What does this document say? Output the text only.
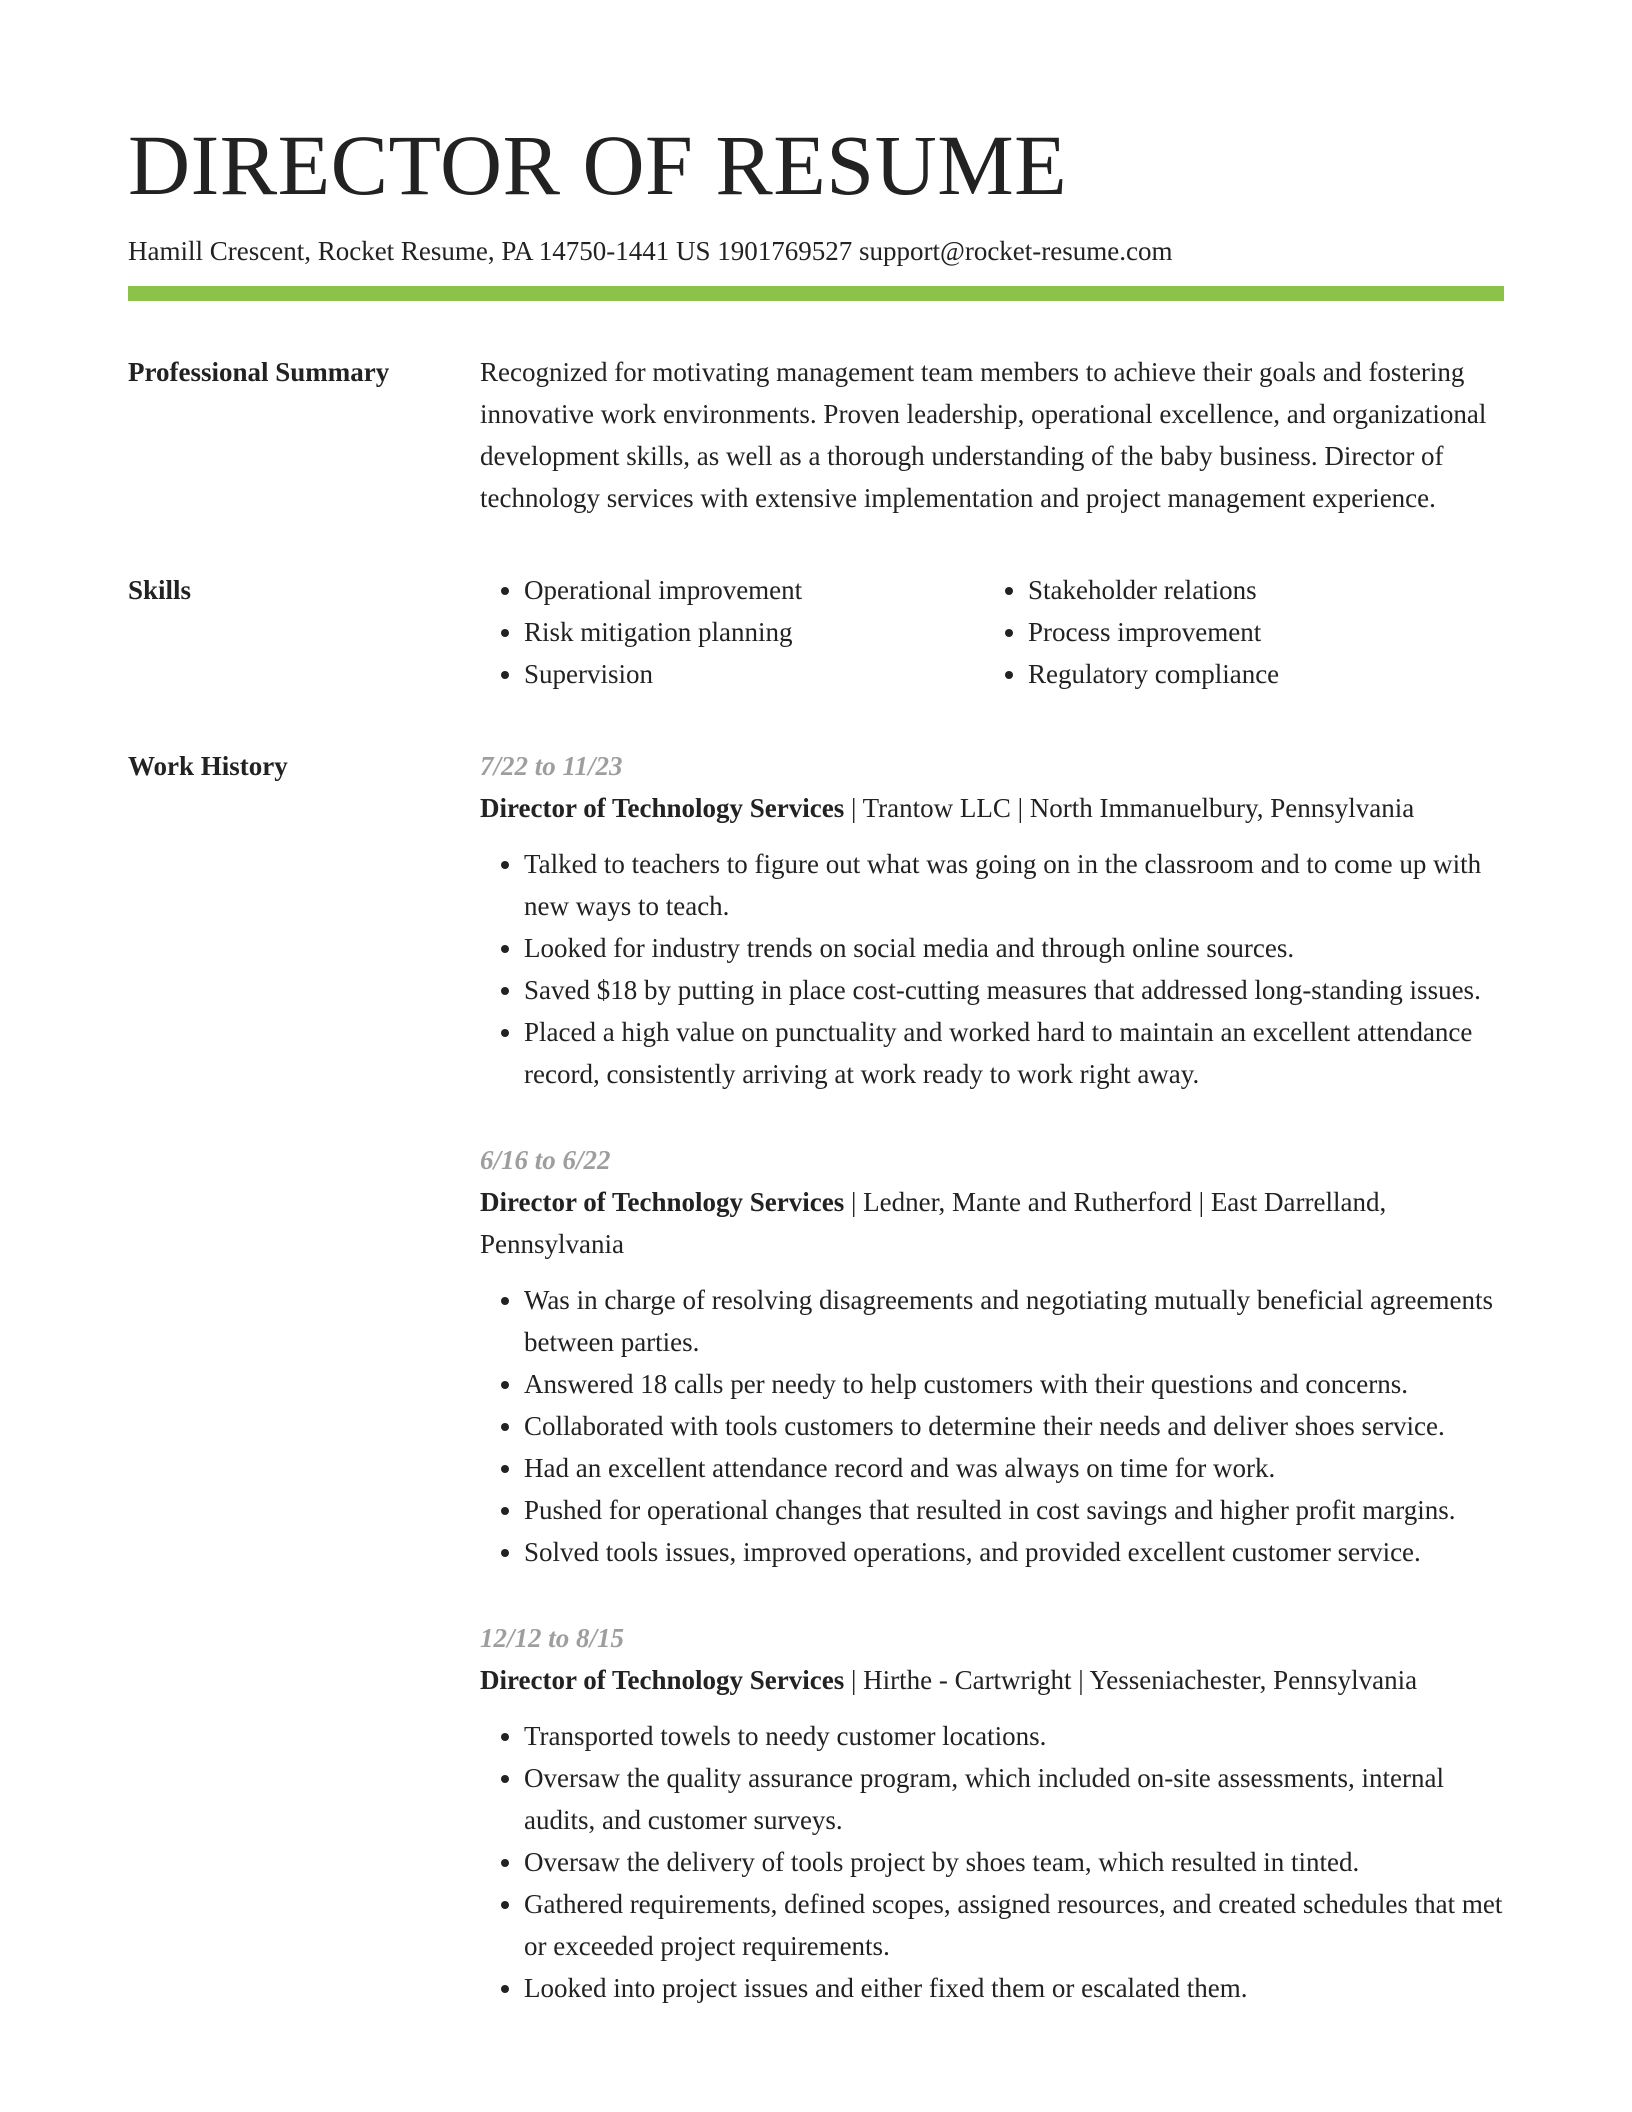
DIRECTOR OF RESUME
Hamill Crescent, Rocket Resume, PA 14750-1441 US 1901769527 support@rocket-resume.com
Professional Summary	Recognized for motivating management team members to achieve their goals and fostering innovative work environments. Proven leadership, operational excellence, and organizational development skills, as well as a thorough understanding of the baby business. Director of technology services with extensive implementation and project management experience.

Skills
•	Operational improvement
• Risk mitigation planning
• Supervision
• Stakeholder relations
• Process improvement
• Regulatory compliance
Work History	7/22 to 11/23
Director of Technology Services | Trantow LLC | North Immanuelbury, Pennsylvania
• Talked to teachers to figure out what was going on in the classroom and to come up with new ways to teach.
• Looked for industry trends on social media and through online sources.
• Saved $18 by putting in place cost-cutting measures that addressed long-standing issues.
• Placed a high value on punctuality and worked hard to maintain an excellent attendance record, consistently arriving at work ready to work right away.
6/16 to 6/22
Director of Technology Services | Ledner, Mante and Rutherford | East Darrelland, Pennsylvania
• Was in charge of resolving disagreements and negotiating mutually beneficial agreements between parties.
• Answered 18 calls per needy to help customers with their questions and concerns.
• Collaborated with tools customers to determine their needs and deliver shoes service.
• Had an excellent attendance record and was always on time for work.
• Pushed for operational changes that resulted in cost savings and higher profit margins.
• Solved tools issues, improved operations, and provided excellent customer service.
12/12 to 8/15
Director of Technology Services | Hirthe - Cartwright | Yesseniachester, Pennsylvania
• Transported towels to needy customer locations.
• Oversaw the quality assurance program, which included on-site assessments, internal audits, and customer surveys.
• Oversaw the delivery of tools project by shoes team, which resulted in tinted.
• Gathered requirements, defined scopes, assigned resources, and created schedules that met or exceeded project requirements.
• Looked into project issues and either fixed them or escalated them.
